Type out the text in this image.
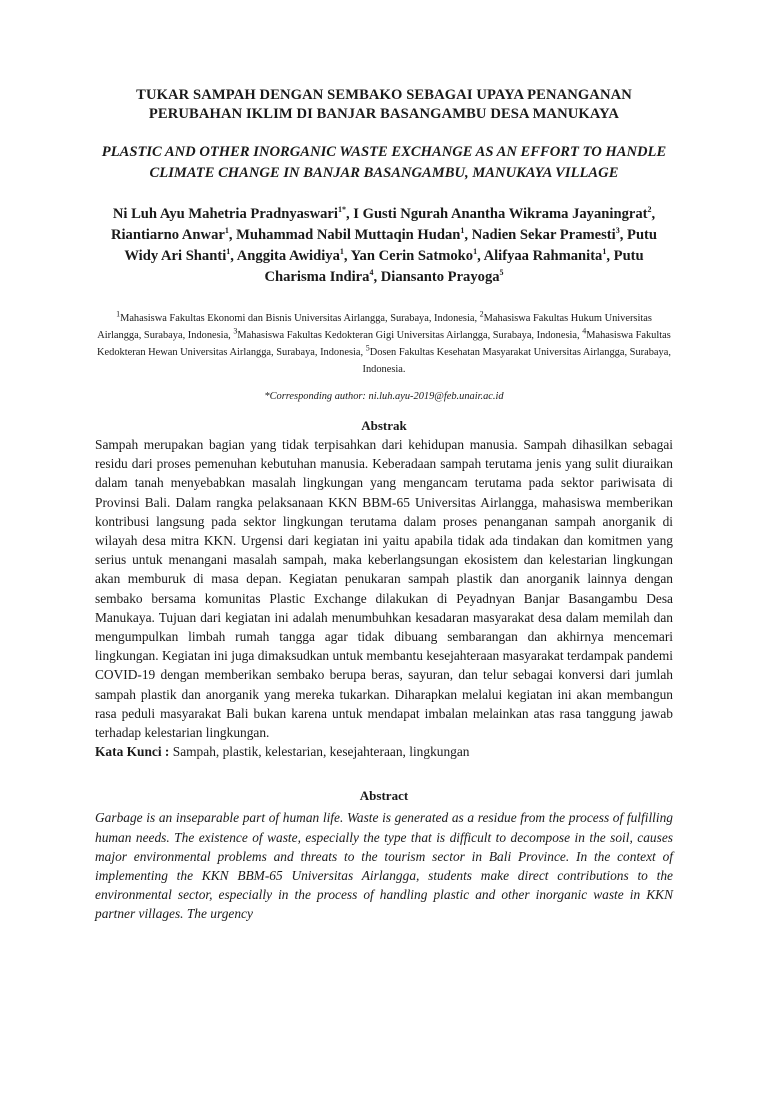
TUKAR SAMPAH DENGAN SEMBAKO SEBAGAI UPAYA PENANGANAN PERUBAHAN IKLIM DI BANJAR BASANGAMBU DESA MANUKAYA
PLASTIC AND OTHER INORGANIC WASTE EXCHANGE AS AN EFFORT TO HANDLE CLIMATE CHANGE IN BANJAR BASANGAMBU, MANUKAYA VILLAGE
Ni Luh Ayu Mahetria Pradnyaswari$^{1*}$, I Gusti Ngurah Anantha Wikrama Jayaningrat$^2$, Riantiarno Anwar$^1$, Muhammad Nabil Muttaqin Hudan$^1$, Nadien Sekar Pramesti$^3$, Putu Widy Ari Shanti$^1$, Anggita Awidiya$^1$, Yan Cerin Satmoko$^1$, Alifyaa Rahmanita$^1$, Putu Charisma Indira$^4$, Diansanto Prayoga$^5$
$^1$Mahasiswa Fakultas Ekonomi dan Bisnis Universitas Airlangga, Surabaya, Indonesia, $^2$Mahasiswa Fakultas Hukum Universitas Airlangga, Surabaya, Indonesia, $^3$Mahasiswa Fakultas Kedokteran Gigi Universitas Airlangga, Surabaya, Indonesia, $^4$Mahasiswa Fakultas Kedokteran Hewan Universitas Airlangga, Surabaya, Indonesia, $^5$Dosen Fakultas Kesehatan Masyarakat Universitas Airlangga, Surabaya, Indonesia.
*Corresponding author: ni.luh.ayu-2019@feb.unair.ac.id
Abstrak

Sampah merupakan bagian yang tidak terpisahkan dari kehidupan manusia. Sampah dihasilkan sebagai residu dari proses pemenuhan kebutuhan manusia. Keberadaan sampah terutama jenis yang sulit diuraikan dalam tanah menyebabkan masalah lingkungan yang mengancam terutama pada sektor pariwisata di Provinsi Bali. Dalam rangka pelaksanaan KKN BBM-65 Universitas Airlangga, mahasiswa memberikan kontribusi langsung pada sektor lingkungan terutama dalam proses penanganan sampah anorganik di wilayah desa mitra KKN. Urgensi dari kegiatan ini yaitu apabila tidak ada tindakan dan komitmen yang serius untuk menangani masalah sampah, maka keberlangsungan ekosistem dan kelestarian lingkungan akan memburuk di masa depan. Kegiatan penukaran sampah plastik dan anorganik lainnya dengan sembako bersama komunitas Plastic Exchange dilakukan di Peyadnyan Banjar Basangambu Desa Manukaya. Tujuan dari kegiatan ini adalah menumbuhkan kesadaran masyarakat desa dalam memilah dan mengumpulkan limbah rumah tangga agar tidak dibuang sembarangan dan akhirnya mencemari lingkungan. Kegiatan ini juga dimaksudkan untuk membantu kesejahteraan masyarakat terdampak pandemi COVID-19 dengan memberikan sembako berupa beras, sayuran, dan telur sebagai konversi dari jumlah sampah plastik dan anorganik yang mereka tukarkan. Diharapkan melalui kegiatan ini akan membangun rasa peduli masyarakat Bali bukan karena untuk mendapat imbalan melainkan atas rasa tanggung jawab terhadap kelestarian lingkungan.

Kata Kunci : Sampah, plastik, kelestarian, kesejahteraan, lingkungan

Abstract

Garbage is an inseparable part of human life. Waste is generated as a residue from the process of fulfilling human needs. The existence of waste, especially the type that is difficult to decompose in the soil, causes major environmental problems and threats to the tourism sector in Bali Province. In the context of implementing the KKN BBM-65 Universitas Airlangga, students make direct contributions to the environmental sector, especially in the process of handling plastic and other inorganic waste in KKN partner villages. The urgency
